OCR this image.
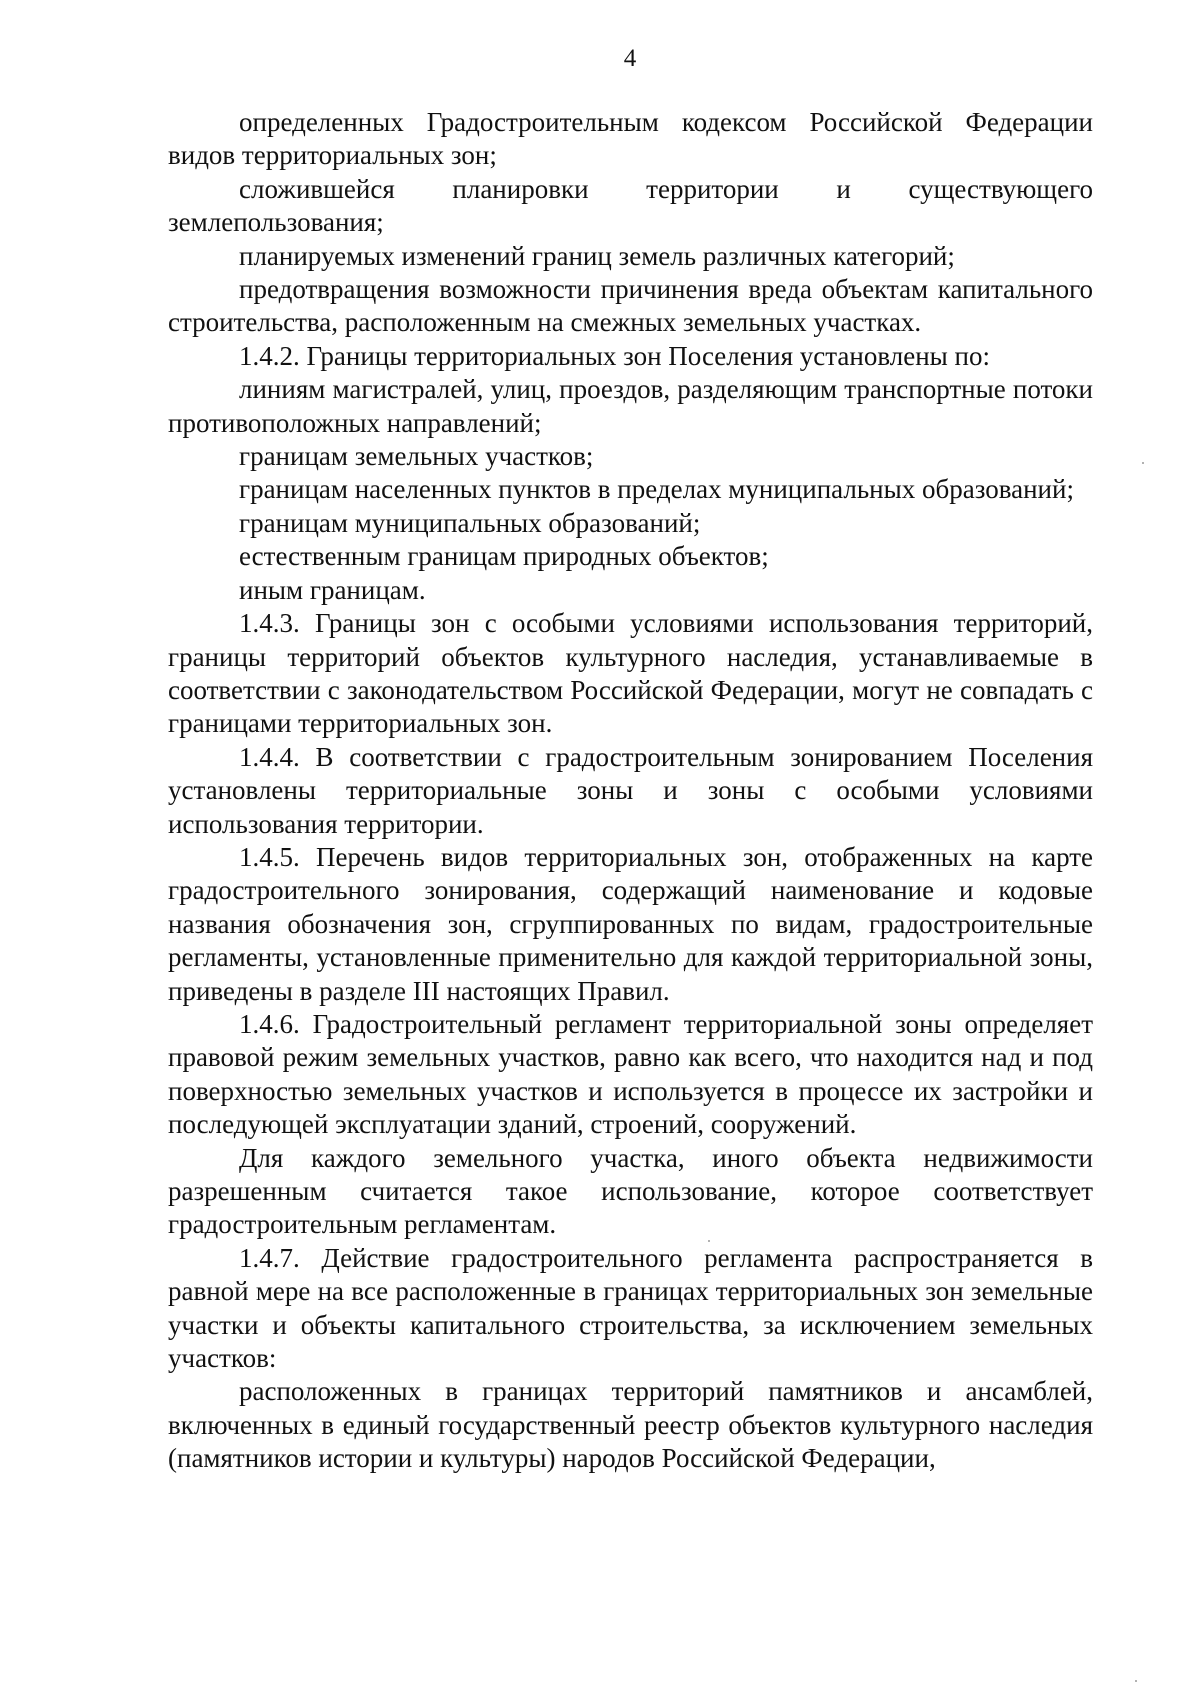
4

определенных Градостроительным кодексом Российской Федерации видов территориальных зон;

сложившейся планировки территории и существующего землепользования;

планируемых изменений границ земель различных категорий;

предотвращения возможности причинения вреда объектам капитального строительства, расположенным на смежных земельных участках.

1.4.2. Границы территориальных зон Поселения установлены по:

линиям магистралей, улиц, проездов, разделяющим транспортные потоки противоположных направлений;

границам земельных участков;

границам населенных пунктов в пределах муниципальных образований;

границам муниципальных образований;

естественным границам природных объектов;

иным границам.

1.4.3. Границы зон с особыми условиями использования территорий, границы территорий объектов культурного наследия, устанавливаемые в соответствии с законодательством Российской Федерации, могут не совпадать с границами территориальных зон.

1.4.4. В соответствии с градостроительным зонированием Поселения установлены территориальные зоны и зоны с особыми условиями использования территории.

1.4.5. Перечень видов территориальных зон, отображенных на карте градостроительного зонирования, содержащий наименование и кодовые названия обозначения зон, сгруппированных по видам, градостроительные регламенты, установленные применительно для каждой территориальной зоны, приведены в разделе III настоящих Правил.

1.4.6. Градостроительный регламент территориальной зоны определяет правовой режим земельных участков, равно как всего, что находится над и под поверхностью земельных участков и используется в процессе их застройки и последующей эксплуатации зданий, строений, сооружений.

Для каждого земельного участка, иного объекта недвижимости разрешенным считается такое использование, которое соответствует градостроительным регламентам.

1.4.7. Действие градостроительного регламента распространяется в равной мере на все расположенные в границах территориальных зон земельные участки и объекты капитального строительства, за исключением земельных участков:

расположенных в границах территорий памятников и ансамблей, включенных в единый государственный реестр объектов культурного наследия (памятников истории и культуры) народов Российской Федерации,
